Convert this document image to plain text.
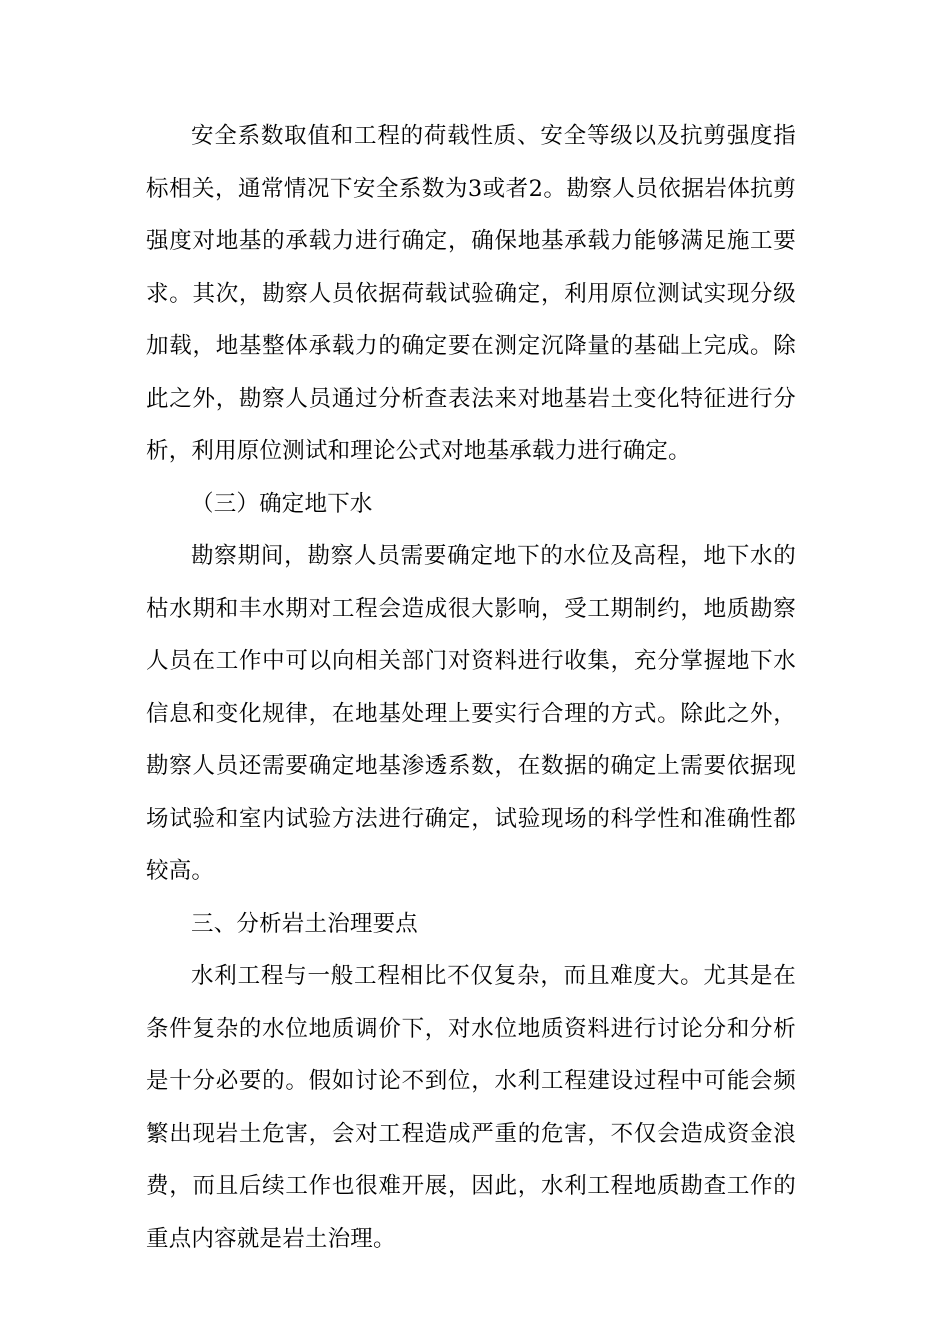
安全系数取值和工程的荷载性质、安全等级以及抗剪强度指标相关，通常情况下安全系数为3或者2。勘察人员依据岩体抗剪强度对地基的承载力进行确定，确保地基承载力能够满足施工要求。其次，勘察人员依据荷载试验确定，利用原位测试实现分级加载，地基整体承载力的确定要在测定沉降量的基础上完成。除此之外，勘察人员通过分析查表法来对地基岩土变化特征进行分析，利用原位测试和理论公式对地基承载力进行确定。

（三）确定地下水

勘察期间，勘察人员需要确定地下的水位及高程，地下水的枯水期和丰水期对工程会造成很大影响，受工期制约，地质勘察人员在工作中可以向相关部门对资料进行收集，充分掌握地下水信息和变化规律，在地基处理上要实行合理的方式。除此之外，勘察人员还需要确定地基渗透系数，在数据的确定上需要依据现场试验和室内试验方法进行确定，试验现场的科学性和准确性都较高。

三、分析岩土治理要点

水利工程与一般工程相比不仅复杂，而且难度大。尤其是在条件复杂的水位地质调价下，对水位地质资料进行讨论分和分析是十分必要的。假如讨论不到位，水利工程建设过程中可能会频繁出现岩土危害，会对工程造成严重的危害，不仅会造成资金浪费，而且后续工作也很难开展，因此，水利工程地质勘查工作的重点内容就是岩土治理。
